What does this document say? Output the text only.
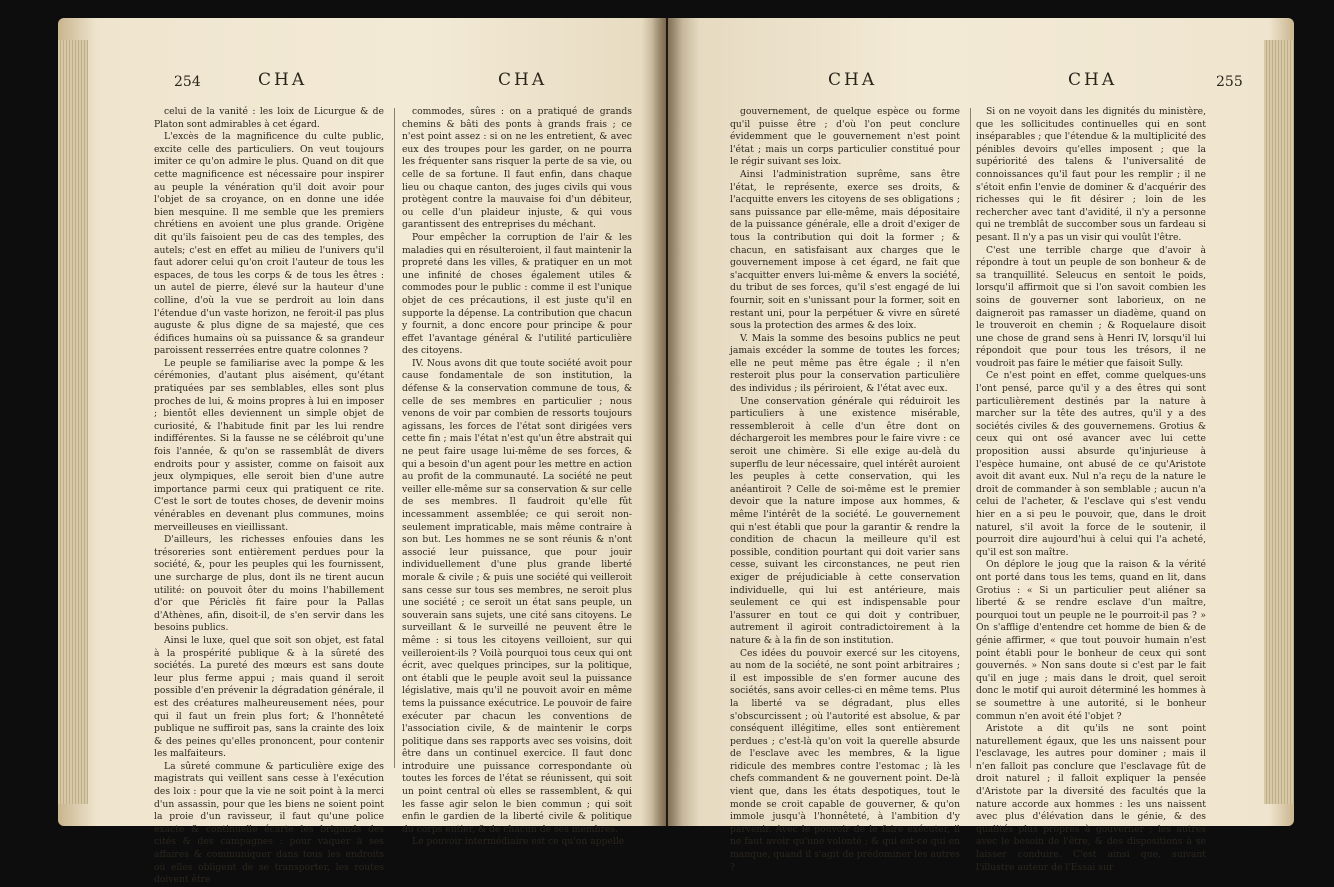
254	CHA	CHA

celui de la vanité : les loix de Licurgue & de Platon sont admirables à cet égard.

L'excès de la magnificence du culte public, excite celle des particuliers. On veut toujours imiter ce qu'on admire le plus. Quand on dit que cette magnificence est nécessaire pour inspirer au peuple la vénération qu'il doit avoir pour l'objet de sa croyance, on en donne une idée bien mesquine. Il me semble que les premiers chrétiens en avoient une plus grande. Origène dit qu'ils faisoient peu de cas des temples, des autels; c'est en effet au milieu de l'univers qu'il faut adorer celui qu'on croit l'auteur de tous les espaces, de tous les corps & de tous les êtres : un autel de pierre, élevé sur la hauteur d'une colline, d'où la vue se perdroit au loin dans l'étendue d'un vaste horizon, ne feroit-il pas plus auguste & plus digne de sa majesté, que ces édifices humains où sa puissance & sa grandeur paroissent resserrées entre quatre colonnes ?

Le peuple se familiarise avec la pompe & les cérémonies, d'autant plus aisément, qu'étant pratiquées par ses semblables, elles sont plus proches de lui, & moins propres à lui en imposer ; bientôt elles deviennent un simple objet de curiosité, & l'habitude finit par les lui rendre indifférentes. Si la fausse ne se célébroit qu'une fois l'année, & qu'on se rassemblât de divers endroits pour y assister, comme on faisoit aux jeux olympiques, elle seroit bien d'une autre importance parmi ceux qui pratiquent ce rite. C'est le sort de toutes choses, de devenir moins vénérables en devenant plus communes, moins merveilleuses en vieillissant.

D'ailleurs, les richesses enfouies dans les trésoreries sont entièrement perdues pour la société, &, pour les peuples qui les fournissent, une surcharge de plus, dont ils ne tirent aucun utilité: on pouvoit ôter du moins l'habillement d'or que Périclès fit faire pour la Pallas d'Athènes, afin, disoit-il, de s'en servir dans les besoins publics.

Ainsi le luxe, quel que soit son objet, est fatal à la prospérité publique & à la sûreté des sociétés. La pureté des mœurs est sans doute leur plus ferme appui ; mais quand il seroit possible d'en prévenir la dégradation générale, il est des créatures malheureusement nées, pour qui il faut un frein plus fort; & l'honnêteté publique ne suffiroit pas, sans la crainte des loix & des peines qu'elles prononcent, pour contenir les malfaiteurs.

La sûreté commune & particulière exige des magistrats qui veillent sans cesse à l'exécution des loix : pour que la vie ne soit point à la merci d'un assassin, pour que les biens ne soient point la proie d'un ravisseur, il faut qu'une police exacte & continuelle écarte les brigands des cités & des campagnes : pour vaquer à ses affaires & communiquer dans tous les endroits où elles obligent de se transporter, les routes doivent être

commodes, sûres : on a pratiqué de grands chemins & bâti des ponts à grands frais ; ce n'est point assez : si on ne les entretient, & avec eux des troupes pour les garder, on ne pourra les fréquenter sans risquer la perte de sa vie, ou celle de sa fortune. Il faut enfin, dans chaque lieu ou chaque canton, des juges civils qui vous protègent contre la mauvaise foi d'un débiteur, ou celle d'un plaideur injuste, & qui vous garantissent des entreprises du méchant.

Pour empêcher la corruption de l'air & les maladies qui en résulteroient, il faut maintenir la propreté dans les villes, & pratiquer en un mot une infinité de choses également utiles & commodes pour le public : comme il est l'unique objet de ces précautions, il est juste qu'il en supporte la dépense. La contribution que chacun y fournit, a donc encore pour principe & pour effet l'avantage général & l'utilité particulière des citoyens.

IV. Nous avons dit que toute société avoit pour cause fondamentale de son institution, la défense & la conservation commune de tous, & celle de ses membres en particulier ; nous venons de voir par combien de ressorts toujours agissans, les forces de l'état sont dirigées vers cette fin ; mais l'état n'est qu'un être abstrait qui ne peut faire usage lui-même de ses forces, & qui a besoin d'un agent pour les mettre en action au profit de la communauté. La société ne peut veiller elle-même sur sa conservation & sur celle de ses membres. Il faudroit qu'elle fût incessamment assemblée; ce qui seroit non-seulement impraticable, mais même contraire à son but. Les hommes ne se sont réunis & n'ont associé leur puissance, que pour jouir individuellement d'une plus grande liberté morale & civile ; & puis une société qui veilleroit sans cesse sur tous ses membres, ne seroit plus une société ; ce seroit un état sans peuple, un souverain sans sujets, une cité sans citoyens. Le surveillant & le surveillé ne peuvent être le même : si tous les citoyens veilloient, sur qui veilleroient-ils ? Voilà pourquoi tous ceux qui ont écrit, avec quelques principes, sur la politique, ont établi que le peuple avoit seul la puissance législative, mais qu'il ne pouvoit avoir en même tems la puissance exécutrice. Le pouvoir de faire exécuter par chacun les conventions de l'association civile, & de maintenir le corps politique dans ses rapports avec ses voisins, doit être dans un continuel exercice. Il faut donc introduire une puissance correspondante où toutes les forces de l'état se réunissent, qui soit un point central où elles se rassemblent, & qui les fasse agir selon le bien commun ; qui soit enfin le gardien de la liberté civile & politique du corps entier, & de chacun de ses membres.

Le pouvoir intermédiaire est ce qu'on appelle

CHA	CHA	255

gouvernement, de quelque espèce ou forme qu'il puisse être ; d'où l'on peut conclure évidemment que le gouvernement n'est point l'état ; mais un corps particulier constitué pour le régir suivant ses loix.

Ainsi l'administration suprême, sans être l'état, le représente, exerce ses droits, & l'acquitte envers les citoyens de ses obligations ; sans puissance par elle-même, mais dépositaire de la puissance générale, elle a droit d'exiger de tous la contribution qui doit la former ; & chacun, en satisfaisant aux charges que le gouvernement impose à cet égard, ne fait que s'acquitter envers lui-même & envers la société, du tribut de ses forces, qu'il s'est engagé de lui fournir, soit en s'unissant pour la former, soit en restant uni, pour la perpétuer & vivre en sûreté sous la protection des armes & des loix.

V. Mais la somme des besoins publics ne peut jamais excéder la somme de toutes les forces; elle ne peut même pas être égale ; il n'en resteroit plus pour la conservation particulière des individus ; ils périroient, & l'état avec eux.

Une conservation générale qui réduiroit les particuliers à une existence misérable, ressembleroit à celle d'un être dont on déchargeroit les membres pour le faire vivre : ce seroit une chimère. Si elle exige au-delà du superflu de leur nécessaire, quel intérêt auroient les peuples à cette conservation, qui les anéantiroit ? Celle de soi-même est le premier devoir que la nature impose aux hommes, & même l'intérêt de la société. Le gouvernement qui n'est établi que pour la garantir & rendre la condition de chacun la meilleure qu'il est possible, condition pourtant qui doit varier sans cesse, suivant les circonstances, ne peut rien exiger de préjudiciable à cette conservation individuelle, qui lui est antérieure, mais seulement ce qui est indispensable pour l'assurer en tout ce qui doit y contribuer, autrement il agiroit contradictoirement à la nature & à la fin de son institution.

Ces idées du pouvoir exercé sur les citoyens, au nom de la société, ne sont point arbitraires ; il est impossible de s'en former aucune des sociétés, sans avoir celles-ci en même tems. Plus la liberté va se dégradant, plus elles s'obscurcissent ; où l'autorité est absolue, & par conséquent illégitime, elles sont entièrement perdues ; c'est-là qu'on voit la querelle absurde de l'esclave avec les membres, & la ligue ridicule des membres contre l'estomac ; là les chefs commandent & ne gouvernent point. De-là vient que, dans les états despotiques, tout le monde se croit capable de gouverner, & qu'on immole jusqu'à l'honnêteté, à l'ambition d'y parvenir. Avec le pouvoir de le faire exécuter, il ne faut avoir qu'une volonté ; & qui est-ce qui en manque, quand il s'agit de prédominer les autres ?

Si on ne voyoit dans les dignités du ministère, que les sollicitudes continuelles qui en sont inséparables ; que l'étendue & la multiplicité des pénibles devoirs qu'elles imposent ; que la supériorité des talens & l'universalité de connoissances qu'il faut pour les remplir ; il ne s'étoit enfin l'envie de dominer & d'acquérir des richesses qui le fit désirer ; loin de les rechercher avec tant d'avidité, il n'y a personne qui ne tremblât de succomber sous un fardeau si pesant. Il n'y a pas un visir qui voulût l'être.

C'est une terrible charge que d'avoir à répondre à tout un peuple de son bonheur & de sa tranquillité. Seleucus en sentoit le poids, lorsqu'il affirmoit que si l'on savoit combien les soins de gouverner sont laborieux, on ne daigneroit pas ramasser un diadème, quand on le trouveroit en chemin ; & Roquelaure disoit une chose de grand sens à Henri IV, lorsqu'il lui répondoit que pour tous les trésors, il ne voudroit pas faire le métier que faisoit Sully.

Ce n'est point en effet, comme quelques-uns l'ont pensé, parce qu'il y a des êtres qui sont particulièrement destinés par la nature à marcher sur la tête des autres, qu'il y a des sociétés civiles & des gouvernemens. Grotius & ceux qui ont osé avancer avec lui cette proposition aussi absurde qu'injurieuse à l'espèce humaine, ont abusé de ce qu'Aristote avoit dit avant eux. Nul n'a reçu de la nature le droit de commander à son semblable ; aucun n'a celui de l'acheter, & l'esclave qui s'est vendu hier en a si peu le pouvoir, que, dans le droit naturel, s'il avoit la force de le soutenir, il pourroit dire aujourd'hui à celui qui l'a acheté, qu'il est son maître.

On déplore le joug que la raison & la vérité ont porté dans tous les tems, quand en lit, dans Grotius : « Si un particulier peut aliéner sa liberté & se rendre esclave d'un maître, pourquoi tout un peuple ne le pourroit-il pas ? » On s'afflige d'entendre cet homme de bien & de génie affirmer, « que tout pouvoir humain n'est point établi pour le bonheur de ceux qui sont gouvernés. » Non sans doute si c'est par le fait qu'il en juge ; mais dans le droit, quel seroit donc le motif qui auroit déterminé les hommes à se soumettre à une autorité, si le bonheur commun n'en avoit été l'objet ?

Aristote a dit qu'ils ne sont point naturellement égaux, que les uns naissent pour l'esclavage, les autres pour dominer ; mais il n'en falloit pas conclure que l'esclavage fût de droit naturel ; il falloit expliquer la pensée d'Aristote par la diversité des facultés que la nature accorde aux hommes : les uns naissent avec plus d'élévation dans le génie, & des qualités plus propres à gouverner ; les autres avec le besoin de l'être, & des dispositions à se laisser conduire. C'est ainsi que, suivant l'illustre auteur de l'Essai sur
